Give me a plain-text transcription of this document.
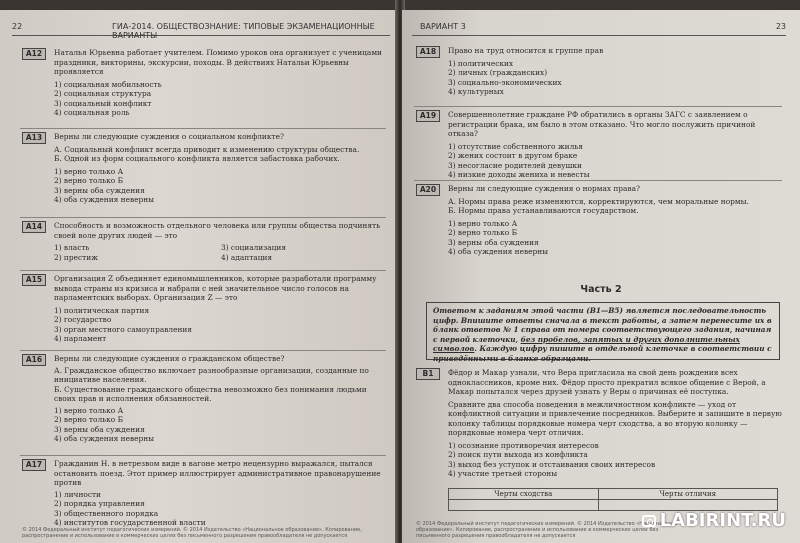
22	ГИА-2014. ОБЩЕСТВОЗНАНИЕ: ТИПОВЫЕ ЭКЗАМЕНАЦИОННЫЕ ВАРИАНТЫ
А12	Наталья Юрьевна работает учителем. Помимо уроков она организует с ученицами праздники, викторины, экскурсии, походы. В действиях Натальи Юрьевны проявляется
1) социальная мобильность
2) социальная структура
3) социальный конфликт
4) социальная роль
А13	Верны ли следующие суждения о социальном конфликте?
А. Социальный конфликт всегда приводит к изменению структуры общества.
Б. Одной из форм социального конфликта является забастовка рабочих.
1) верно только А
2) верно только Б
3) верны оба суждения
4) оба суждения неверны
А14	Способность и возможность отдельного человека или группы общества подчинять своей воле других людей — это
1) власть	3) социализация
2) престиж	4) адаптация
А15	Организация Z объединяет единомышленников, которые разработали программу вывода страны из кризиса и набрали с ней значительное число голосов на парламентских выборах. Организация Z — это
1) политическая партия
2) государство
3) орган местного самоуправления
4) парламент
А16	Верны ли следующие суждения о гражданском обществе?
А. Гражданское общество включает разнообразные организации, созданные по инициативе населения.
Б. Существование гражданского общества невозможно без понимания людьми своих прав и исполнения обязанностей.
1) верно только А
2) верно только Б
3) верны оба суждения
4) оба суждения неверны
А17	Гражданин Н. в нетрезвом виде в вагоне метро нецензурно выражался, пытался остановить поезд. Этот пример иллюстрирует административное правонарушение против
1) личности
2) порядка управления
3) общественного порядка
4) институтов государственной власти
© 2014 Федеральный институт педагогических измерений. © 2014 Издательство «Национальное образование». Копирование, распространение и использование в коммерческих целях без письменного разрешения правообладателя не допускается
ВАРИАНТ 3	23
А18	Право на труд относится к группе прав
1) политических
2) личных (гражданских)
3) социально-экономических
4) культурных
А19	Совершеннолетние граждане РФ обратились в органы ЗАГС с заявлением о регистрации брака, им было в этом отказано. Что могло послужить причиной отказа?
1) отсутствие собственного жилья
2) жених состоит в другом браке
3) несогласие родителей девушки
4) низкие доходы жениха и невесты
А20	Верны ли следующие суждения о нормах права?
А. Нормы права реже изменяются, корректируются, чем моральные нормы.
Б. Нормы права устанавливаются государством.
1) верно только А
2) верно только Б
3) верны оба суждения
4) оба суждения неверны
Часть 2
Ответом к заданиям этой части (В1—В5) является последовательность цифр. Впишите ответы сначала в текст работы, а затем перенесите их в бланк ответов № 1 справа от номера соответствующего задания, начиная с первой клеточки, без пробелов, запятых и других дополнительных символов. Каждую цифру пишите в отдельной клеточке в соответствии с приведёнными в бланке образцами.
В1	Фёдор и Макар узнали, что Вера пригласила на свой день рождения всех одноклассников, кроме них. Фёдор просто прекратил всякое общение с Верой, а Макар попытался через друзей узнать у Веры о причинах её поступка.
Сравните два способа поведения в межличностном конфликте — уход от конфликтной ситуации и привлечение посредников. Выберите и запишите в первую колонку таблицы порядковые номера черт сходства, а во вторую колонку — порядковые номера черт отличия.
1) осознание противоречия интересов
2) поиск пути выхода из конфликта
3) выход без уступок и отстаивания своих интересов
4) участие третьей стороны
Черты сходства	Черты отличия

© 2014 Федеральный институт педагогических измерений. © 2014 Издательство «Национальное образование». Копирование, распространение и использование в коммерческих целях без письменного разрешения правообладателя не допускается
LABIRINT.RU
